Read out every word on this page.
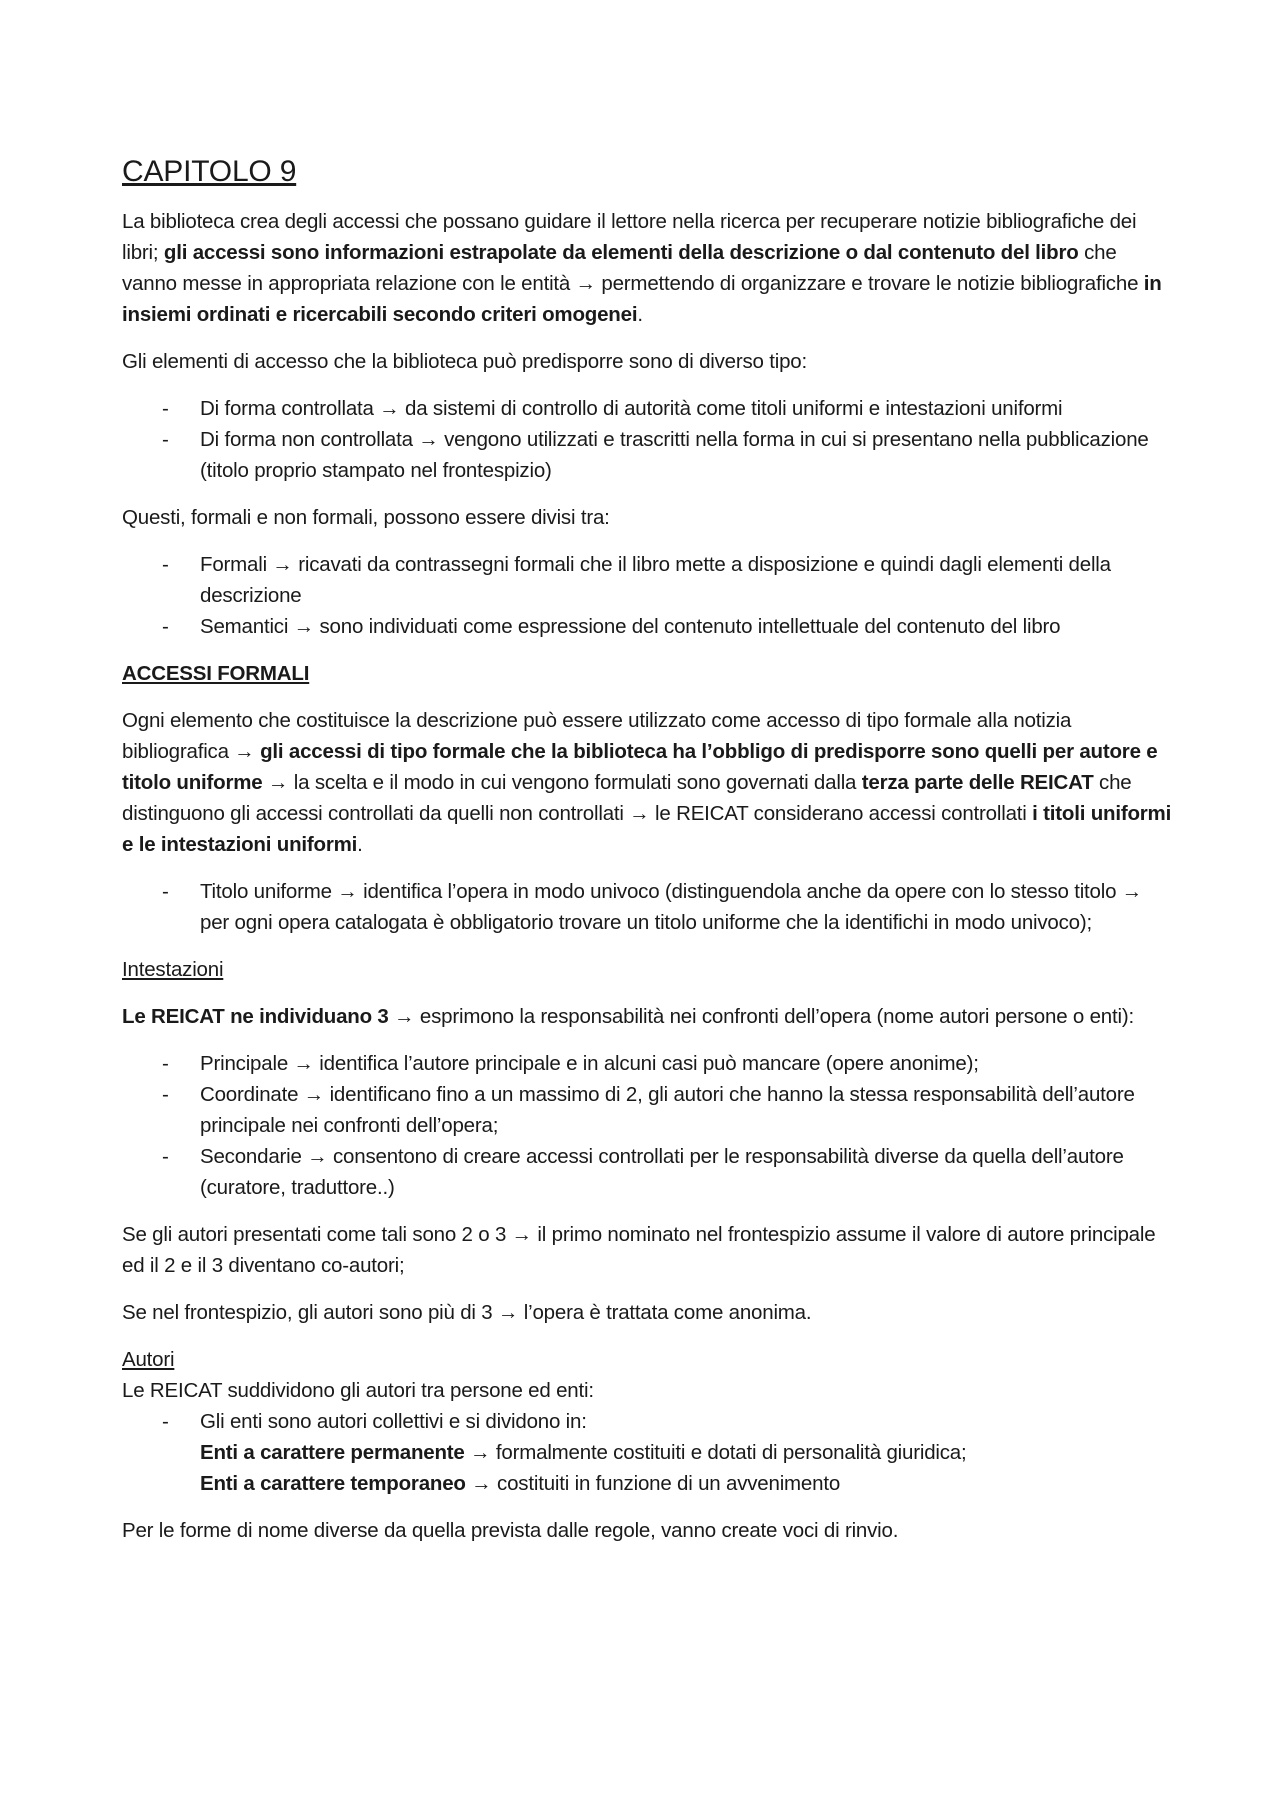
CAPITOLO 9

La biblioteca crea degli accessi che possano guidare il lettore nella ricerca per recuperare notizie bibliografiche dei libri; gli accessi sono informazioni estrapolate da elementi della descrizione o dal contenuto del libro che vanno messe in appropriata relazione con le entità → permettendo di organizzare e trovare le notizie bibliografiche in insiemi ordinati e ricercabili secondo criteri omogenei.

Gli elementi di accesso che la biblioteca può predisporre sono di diverso tipo:

- Di forma controllata → da sistemi di controllo di autorità come titoli uniformi e intestazioni uniformi
- Di forma non controllata → vengono utilizzati e trascritti nella forma in cui si presentano nella pubblicazione (titolo proprio stampato nel frontespizio)

Questi, formali e non formali, possono essere divisi tra:

- Formali → ricavati da contrassegni formali che il libro mette a disposizione e quindi dagli elementi della descrizione
- Semantici → sono individuati come espressione del contenuto intellettuale del contenuto del libro
ACCESSI FORMALI

Ogni elemento che costituisce la descrizione può essere utilizzato come accesso di tipo formale alla notizia bibliografica → gli accessi di tipo formale che la biblioteca ha l’obbligo di predisporre sono quelli per autore e titolo uniforme → la scelta e il modo in cui vengono formulati sono governati dalla terza parte delle REICAT che distinguono gli accessi controllati da quelli non controllati → le REICAT considerano accessi controllati i titoli uniformi e le intestazioni uniformi.

- Titolo uniforme → identifica l’opera in modo univoco (distinguendola anche da opere con lo stesso titolo → per ogni opera catalogata è obbligatorio trovare un titolo uniforme che la identifichi in modo univoco);

Intestazioni

Le REICAT ne individuano 3 → esprimono la responsabilità nei confronti dell’opera (nome autori persone o enti):

- Principale → identifica l’autore principale e in alcuni casi può mancare (opere anonime);
- Coordinate → identificano fino a un massimo di 2, gli autori che hanno la stessa responsabilità dell’autore principale nei confronti dell’opera;
- Secondarie → consentono di creare accessi controllati per le responsabilità diverse da quella dell’autore (curatore, traduttore..)

Se gli autori presentati come tali sono 2 o 3 → il primo nominato nel frontespizio assume il valore di autore principale ed il 2 e il 3 diventano co-autori;

Se nel frontespizio, gli autori sono più di 3 → l’opera è trattata come anonima.

Autori
Le REICAT suddividono gli autori tra persone ed enti:
- Gli enti sono autori collettivi e si dividono in:
Enti a carattere permanente → formalmente costituiti e dotati di personalità giuridica;
Enti a carattere temporaneo → costituiti in funzione di un avvenimento

Per le forme di nome diverse da quella prevista dalle regole, vanno create voci di rinvio.
